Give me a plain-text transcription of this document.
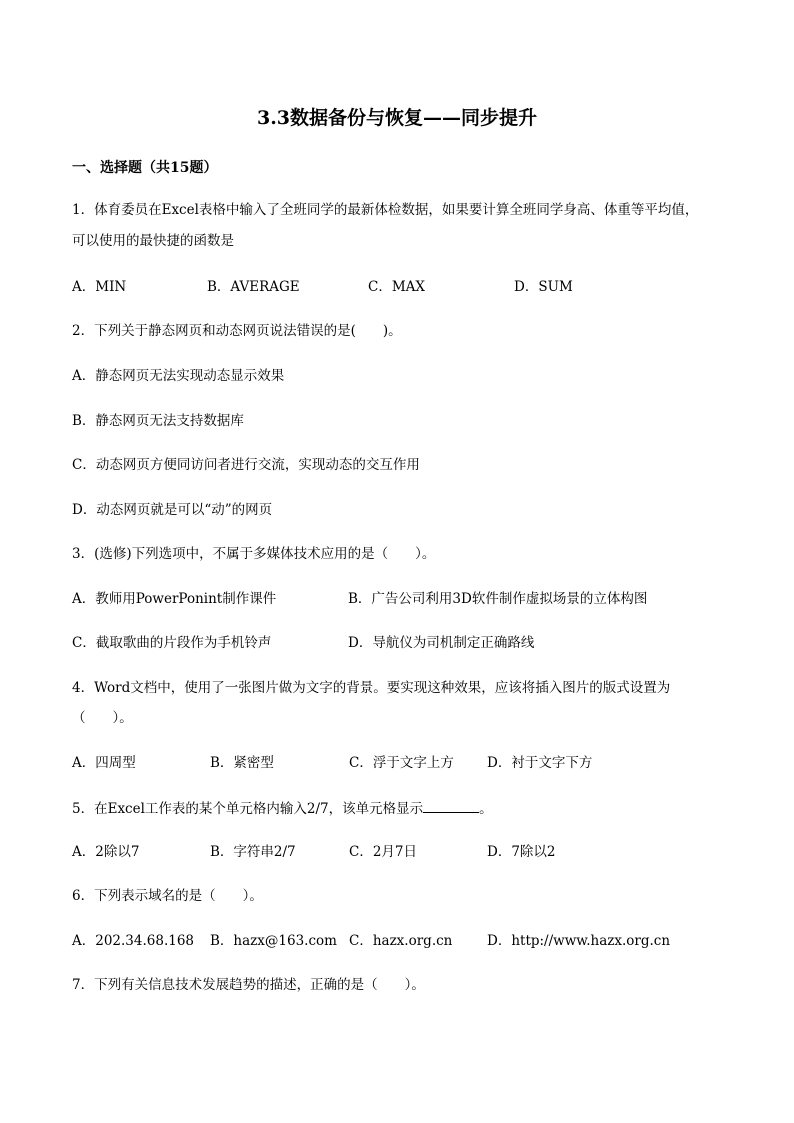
3.3数据备份与恢复——同步提升
一、选择题（共15题）
1．体育委员在Excel表格中输入了全班同学的最新体检数据，如果要计算全班同学身高、体重等平均值，
可以使用的最快捷的函数是
A．MIN	B．AVERAGE	C．MAX	D．SUM
2．下列关于静态网页和动态网页说法错误的是(　　)。
A．静态网页无法实现动态显示效果
B．静态网页无法支持数据库
C．动态网页方便同访问者进行交流，实现动态的交互作用
D．动态网页就是可以“动”的网页
3．(选修)下列选项中，不属于多媒体技术应用的是（　　）。
A．教师用PowerPonint制作课件	B．广告公司利用3D软件制作虚拟场景的立体构图
C．截取歌曲的片段作为手机铃声	D．导航仪为司机制定正确路线
4．Word文档中，使用了一张图片做为文字的背景。要实现这种效果，应该将插入图片的版式设置为
（　　）。
A．四周型	B．紧密型	C．浮于文字上方 D．衬于文字下方
5．在Excel工作表的某个单元格内输入2/7，该单元格显示	。
A．2除以7	B．字符串2/7	C．2月7日	D．7除以2
6．下列表示域名的是（　　）。
A．202.34.68.168 B．hazx@163.com C．hazx.org.cn	D．http://www.hazx.org.cn
7．下列有关信息技术发展趋势的描述，正确的是（　　）。
